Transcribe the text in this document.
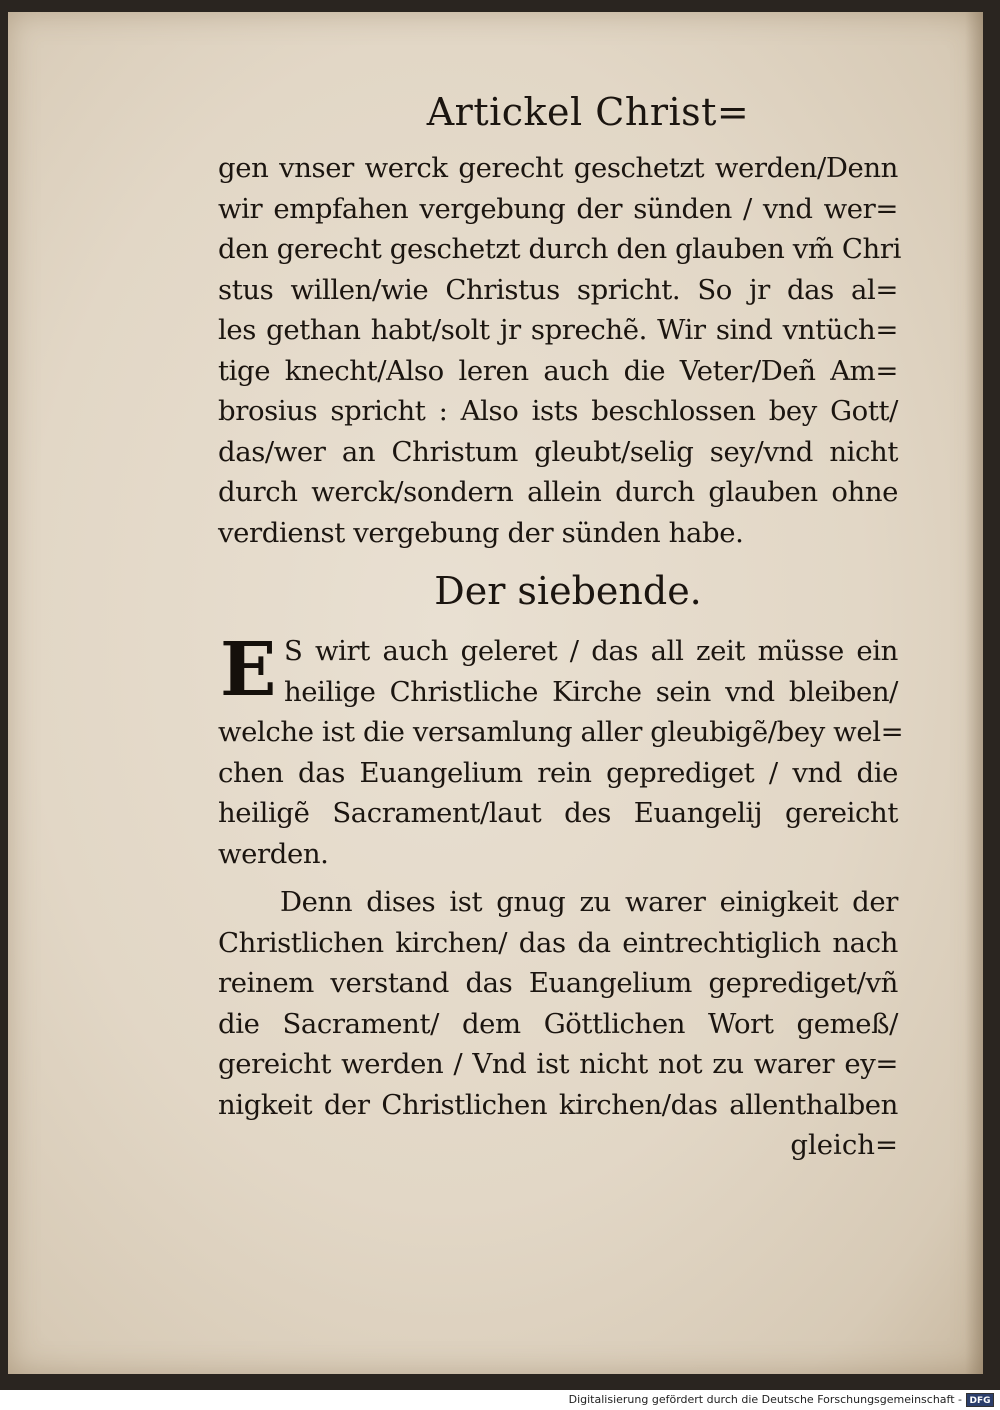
Artickel Christ=
gen vnser werck gerecht geschetzt werden/Denn
wir empfahen vergebung der sünden / vnd wer=
den gerecht geschetzt durch den glauben vm̃ Chri
stus willen/wie Christus spricht. So jr das al=
les gethan habt/solt jr sprechẽ. Wir sind vntüch=
tige knecht/Also leren auch die Veter/Deñ Am=
brosius spricht : Also ists beschlossen bey Gott/
das/wer an Christum gleubt/selig sey/vnd nicht
durch werck/sondern allein durch glauben ohne
verdienst vergebung der sünden habe.
Der siebende.
E S wirt auch geleret / das all zeit müsse ein
heilige Christliche Kirche sein vnd bleiben/
welche ist die versamlung aller gleubigẽ/bey wel=
chen das Euangelium rein geprediget / vnd die
heiligẽ Sacrament/laut des Euangelij gereicht
werden.
Denn dises ist gnug zu warer einigkeit der
Christlichen kirchen/ das da eintrechtiglich nach
reinem verstand das Euangelium geprediget/vñ
die Sacrament/ dem Göttlichen Wort gemeß/
gereicht werden / Vnd ist nicht not zu warer ey=
nigkeit der Christlichen kirchen/das allenthalben
gleich=
Digitalisierung gefördert durch die Deutsche Forschungsgemeinschaft - DFG
